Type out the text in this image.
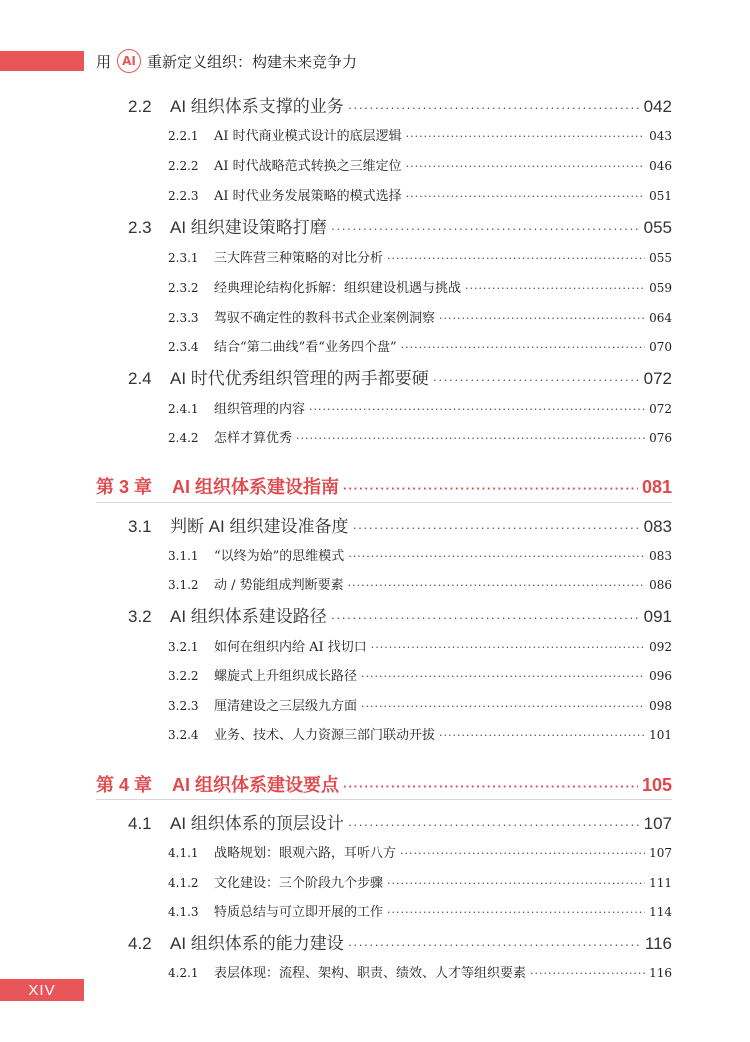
用 AI 重新定义组织：构建未来竞争力
2.2	AI 组织体系支撑的业务 ·····	042
2.2.1	AI 时代商业模式设计的底层逻辑 ·····	043
2.2.2	AI 时代战略范式转换之三维定位 ·····	046
2.2.3	AI 时代业务发展策略的模式选择 ·····	051
2.3	AI 组织建设策略打磨 ·····	055
2.3.1	三大阵营三种策略的对比分析 ·····	055
2.3.2	经典理论结构化拆解：组织建设机遇与挑战 ·····	059
2.3.3	驾驭不确定性的教科书式企业案例洞察 ·····	064
2.3.4	结合“第二曲线”看“业务四个盘” ·····	070
2.4	AI 时代优秀组织管理的两手都要硬 ·····	072
2.4.1	组织管理的内容 ·····	072
2.4.2	怎样才算优秀 ·····	076
第 3 章	AI 组织体系建设指南 ·····	081
3.1	判断 AI 组织建设准备度 ·····	083
3.1.1	“以终为始”的思维模式 ·····	083
3.1.2	动 / 势能组成判断要素 ·····	086
3.2	AI 组织体系建设路径 ·····	091
3.2.1	如何在组织内给 AI 找切口 ·····	092
3.2.2	螺旋式上升组织成长路径 ·····	096
3.2.3	厘清建设之三层级九方面 ·····	098
3.2.4	业务、技术、人力资源三部门联动开拔 ·····	101
第 4 章	AI 组织体系建设要点 ·····	105
4.1	AI 组织体系的顶层设计 ·····	107
4.1.1	战略规划：眼观六路，耳听八方 ·····	107
4.1.2	文化建设：三个阶段九个步骤 ·····	111
4.1.3	特质总结与可立即开展的工作 ·····	114
4.2	AI 组织体系的能力建设 ·····	116
4.2.1	表层体现：流程、架构、职责、绩效、人才等组织要素 ·····	116
XIV
